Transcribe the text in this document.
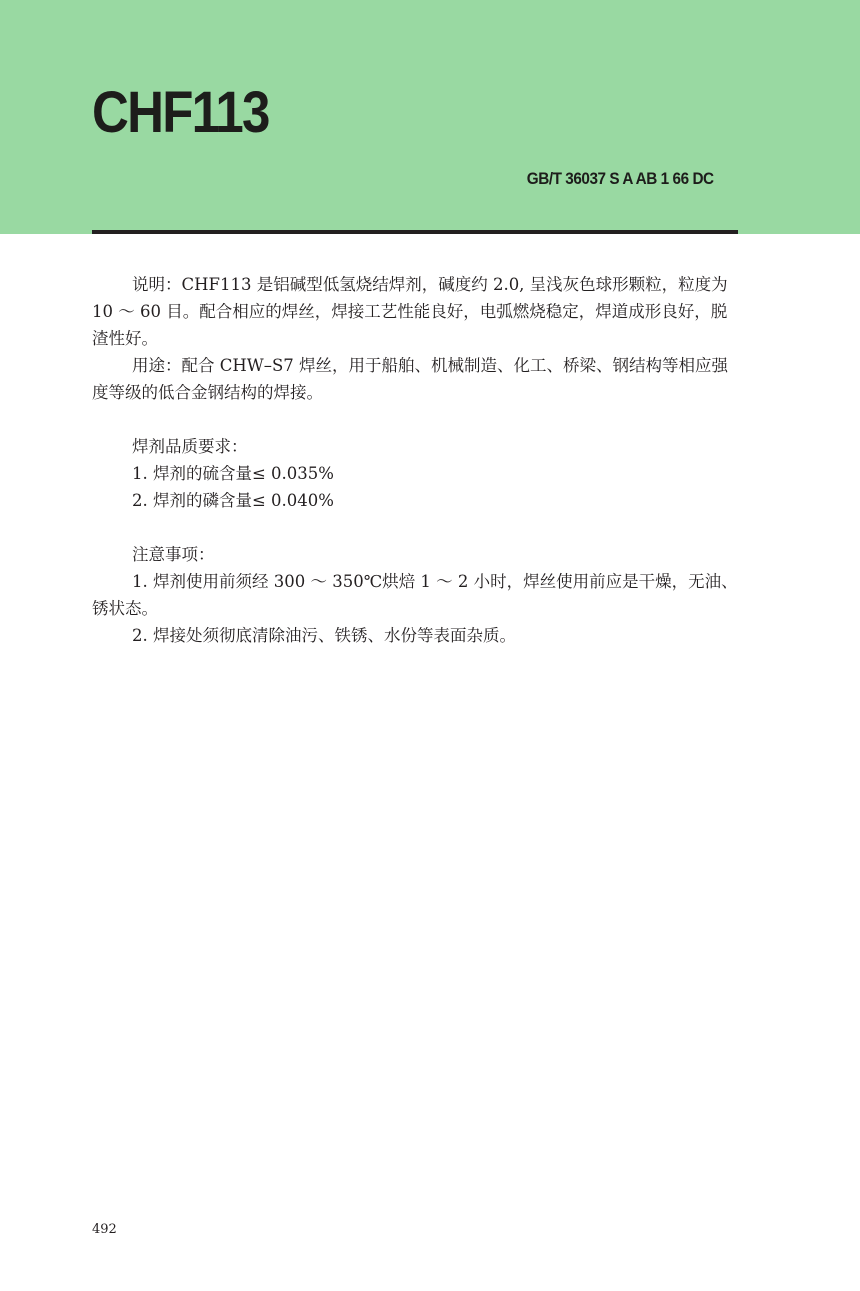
CHF113
GB/T 36037 S A AB 1 66 DC

说明：CHF113 是铝碱型低氢烧结焊剂，碱度约 2.0, 呈浅灰色球形颗粒，粒度为 10 ～ 60 目。配合相应的焊丝，焊接工艺性能良好，电弧燃烧稳定，焊道成形良好，脱渣性好。

用途：配合 CHW–S7 焊丝，用于船舶、机械制造、化工、桥梁、钢结构等相应强度等级的低合金钢结构的焊接。

焊剂品质要求：

1. 焊剂的硫含量≤ 0.035%

2. 焊剂的磷含量≤ 0.040%

注意事项：

1. 焊剂使用前须经 300 ～ 350℃烘焙 1 ～ 2 小时，焊丝使用前应是干燥，无油、锈状态。

2. 焊接处须彻底清除油污、铁锈、水份等表面杂质。

492
